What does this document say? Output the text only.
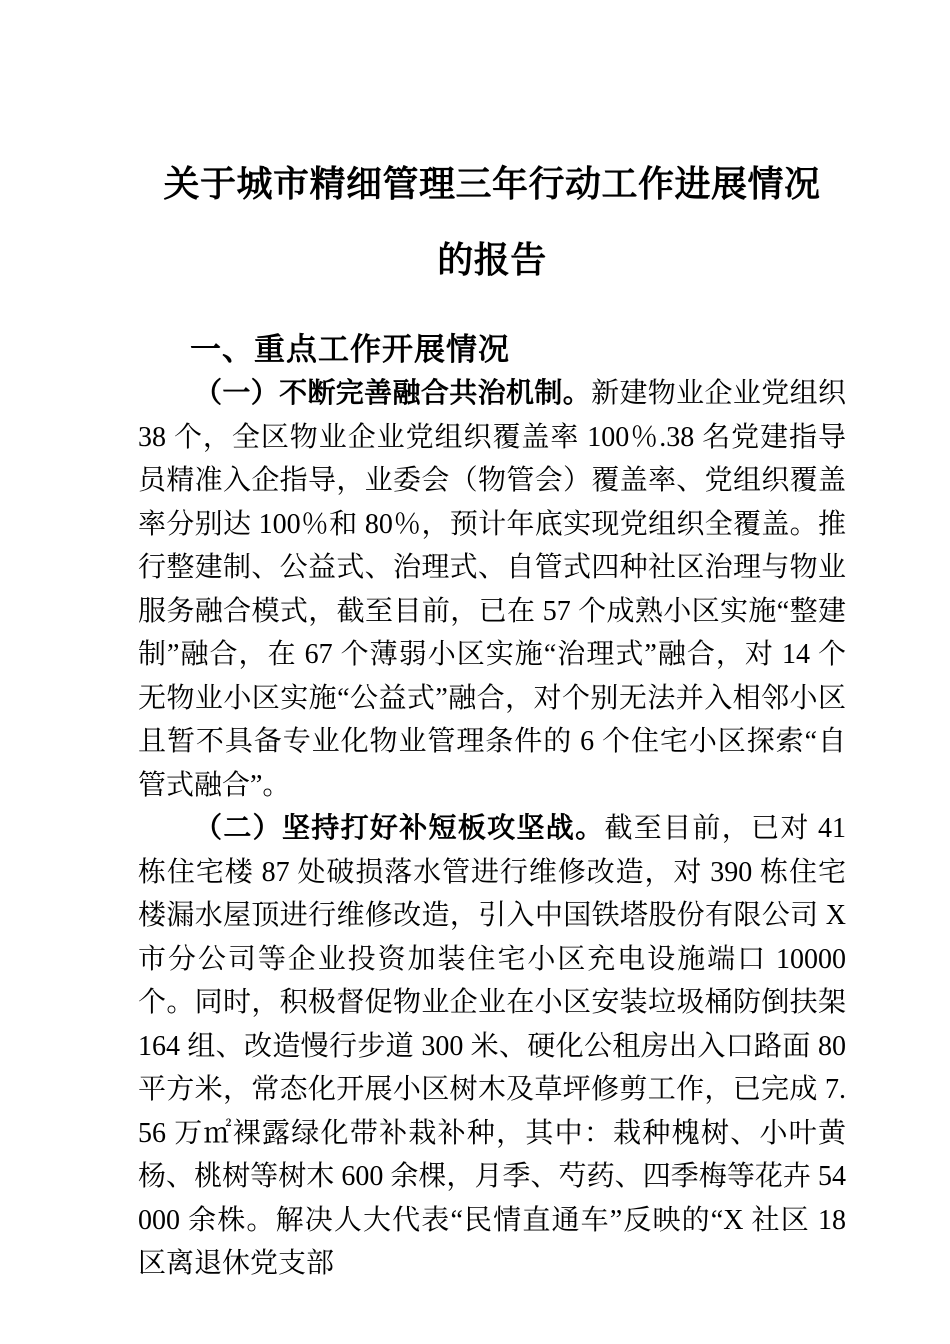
关于城市精细管理三年行动工作进展情况
的报告
一、重点工作开展情况

（一）不断完善融合共治机制。新建物业企业党组织 38 个，全区物业企业党组织覆盖率 100％.38 名党建指导员精准入企指导，业委会（物管会）覆盖率、党组织覆盖率分别达 100％和 80％，预计年底实现党组织全覆盖。推行整建制、公益式、治理式、自管式四种社区治理与物业服务融合模式，截至目前，已在 57 个成熟小区实施“整建制”融合，在 67 个薄弱小区实施“治理式”融合，对 14 个无物业小区实施“公益式”融合，对个别无法并入相邻小区且暂不具备专业化物业管理条件的 6 个住宅小区探索“自管式融合”。

（二）坚持打好补短板攻坚战。截至目前，已对 41 栋住宅楼 87 处破损落水管进行维修改造，对 390 栋住宅楼漏水屋顶进行维修改造，引入中国铁塔股份有限公司 X 市分公司等企业投资加装住宅小区充电设施端口 10000 个。同时，积极督促物业企业在小区安装垃圾桶防倒扶架 164 组、改造慢行步道 300 米、硬化公租房出入口路面 80 平方米，常态化开展小区树木及草坪修剪工作，已完成 7.56 万㎡裸露绿化带补栽补种，其中：栽种槐树、小叶黄杨、桃树等树木 600 余棵，月季、芍药、四季梅等花卉 54000 余株。解决人大代表“民情直通车”反映的“X 社区 18 区离退休党支部
